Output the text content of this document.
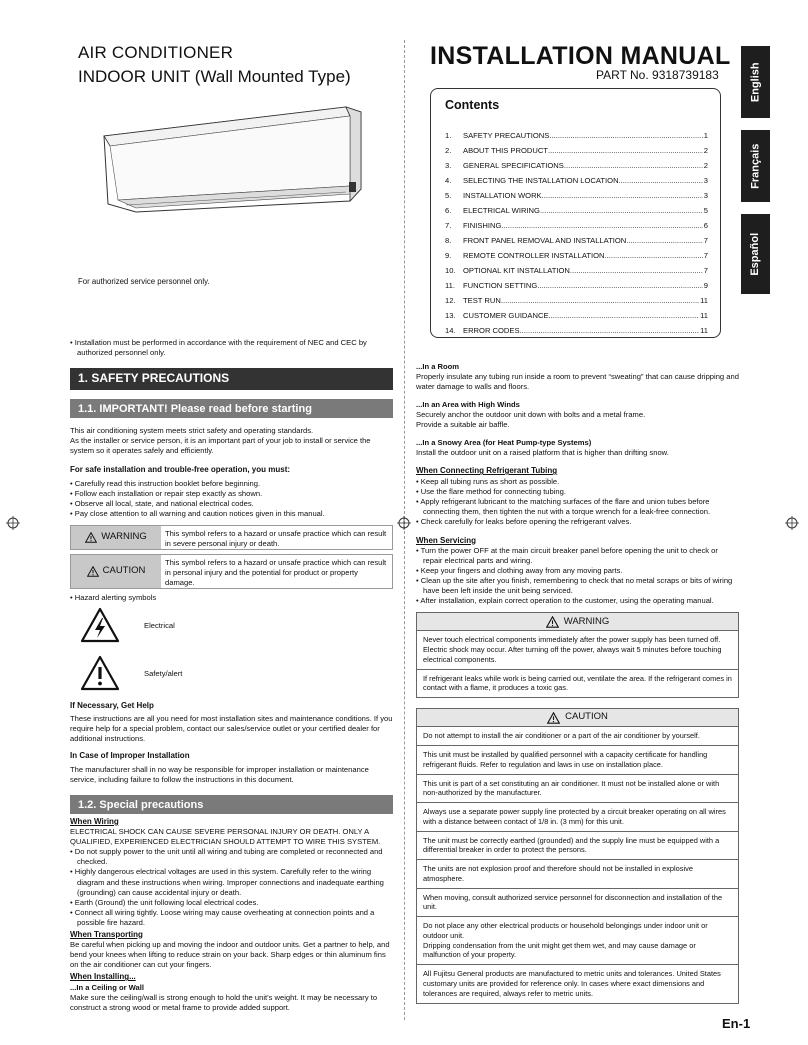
AIR CONDITIONER
INDOOR UNIT (Wall Mounted Type)
For authorized service personnel only.
INSTALLATION MANUAL
PART No. 9318739183	English
Français
Español
Contents
1.	SAFETY PRECAUTIONS .....	1
2.	ABOUT THIS PRODUCT .....	2
3.	GENERAL SPECIFICATIONS .....	2
4.	SELECTING THE INSTALLATION LOCATION .....	3
5.	INSTALLATION WORK .....	3
6.	ELECTRICAL WIRING .....	5
7.	FINISHING .....	6
8.	FRONT PANEL REMOVAL AND INSTALLATION .....	7
9.	REMOTE CONTROLLER INSTALLATION .....	7
10. OPTIONAL KIT INSTALLATION .....	7
11.	FUNCTION SETTING .....	9
12. TEST RUN .....	11
13. CUSTOMER GUIDANCE .....	11
14. ERROR CODES .....	11

• Installation must be performed in accordance with the requirement of NEC and CEC by authorized personnel only.

1. SAFETY PRECAUTIONS
1.1. IMPORTANT! Please read before starting

This air conditioning system meets strict safety and operating standards.

As the installer or service person, it is an important part of your job to install or service the system so it operates safely and efficiently.

For safe installation and trouble-free operation, you must:

• Carefully read this instruction booklet before beginning.
• Follow each installation or repair step exactly as shown.
• Observe all local, state, and national electrical codes.
• Pay close attention to all warning and caution notices given in this manual.
WARNING	This symbol refers to a hazard or unsafe practice which can result in severe personal injury or death.
CAUTION
This symbol refers to a hazard or unsafe practice which can result in personal injury and the potential for product or property damage.

• Hazard alerting symbols

Electrical
Safety/alert

If Necessary, Get Help

These instructions are all you need for most installation sites and maintenance conditions. If you require help for a special problem, contact our sales/service outlet or your certified dealer for additional instructions.

In Case of Improper Installation

The manufacturer shall in no way be responsible for improper installation or maintenance service, including failure to follow the instructions in this document.

1.2. Special precautions

When Wiring

ELECTRICAL SHOCK CAN CAUSE SEVERE PERSONAL INJURY OR DEATH. ONLY A QUALIFIED, EXPERIENCED ELECTRICIAN SHOULD ATTEMPT TO WIRE THIS SYSTEM.

• Do not supply power to the unit until all wiring and tubing are completed or reconnected and checked.
• Highly dangerous electrical voltages are used in this system. Carefully refer to the wiring diagram and these instructions when wiring. Improper connections and inadequate earthing (grounding) can cause accidental injury or death.
• Earth (Ground) the unit following local electrical codes.
• Connect all wiring tightly. Loose wiring may cause overheating at connection points and a possible fire hazard.

When Transporting

Be careful when picking up and moving the indoor and outdoor units. Get a partner to help, and bend your knees when lifting to reduce strain on your back. Sharp edges or thin aluminum fins on the air conditioner can cut your fingers.

When Installing...

...In a Ceiling or Wall

Make sure the ceiling/wall is strong enough to hold the unit's weight. It may be necessary to construct a strong wood or metal frame to provide added support.

...In a Room

Properly insulate any tubing run inside a room to prevent “sweating” that can cause dripping and water damage to walls and floors.

...In an Area with High Winds

Securely anchor the outdoor unit down with bolts and a metal frame.

Provide a suitable air baffle.

...In a Snowy Area (for Heat Pump-type Systems)

Install the outdoor unit on a raised platform that is higher than drifting snow.

When Connecting Refrigerant Tubing

• Keep all tubing runs as short as possible.
• Use the flare method for connecting tubing.
• Apply refrigerant lubricant to the matching surfaces of the flare and union tubes before connecting them, then tighten the nut with a torque wrench for a leak-free connection.
• Check carefully for leaks before opening the refrigerant valves.

When Servicing

• Turn the power OFF at the main circuit breaker panel before opening the unit to check or repair electrical parts and wiring.
• Keep your fingers and clothing away from any moving parts.
• Clean up the site after you finish, remembering to check that no metal scraps or bits of wiring have been left inside the unit being serviced.
• After installation, explain correct operation to the customer, using the operating manual.
WARNING
Never touch electrical components immediately after the power supply has been turned off. Electric shock may occur. After turning off the power, always wait 5 minutes before touching electrical components.
If refrigerant leaks while work is being carried out, ventilate the area. If the refrigerant comes in contact with a flame, it produces a toxic gas.
CAUTION
Do not attempt to install the air conditioner or a part of the air conditioner by yourself.
This unit must be installed by qualified personnel with a capacity certificate for handling refrigerant fluids. Refer to regulation and laws in use on installation place.
This unit is part of a set constituting an air conditioner. It must not be installed alone or with non-authorized by the manufacturer.
Always use a separate power supply line protected by a circuit breaker operating on all wires with a distance between contact of 1/8 in. (3 mm) for this unit.
The unit must be correctly earthed (grounded) and the supply line must be equipped with a differential breaker in order to protect the persons.
The units are not explosion proof and therefore should not be installed in explosive atmosphere.
When moving, consult authorized service personnel for disconnection and installation of the unit.
Do not place any other electrical products or household belongings under indoor unit or outdoor unit.
Dripping condensation from the unit might get them wet, and may cause damage or malfunction of your property.
All Fujitsu General products are manufactured to metric units and tolerances. United States customary units are provided for reference only. In cases where exact dimensions and tolerances are required, always refer to metric units.
En-1
